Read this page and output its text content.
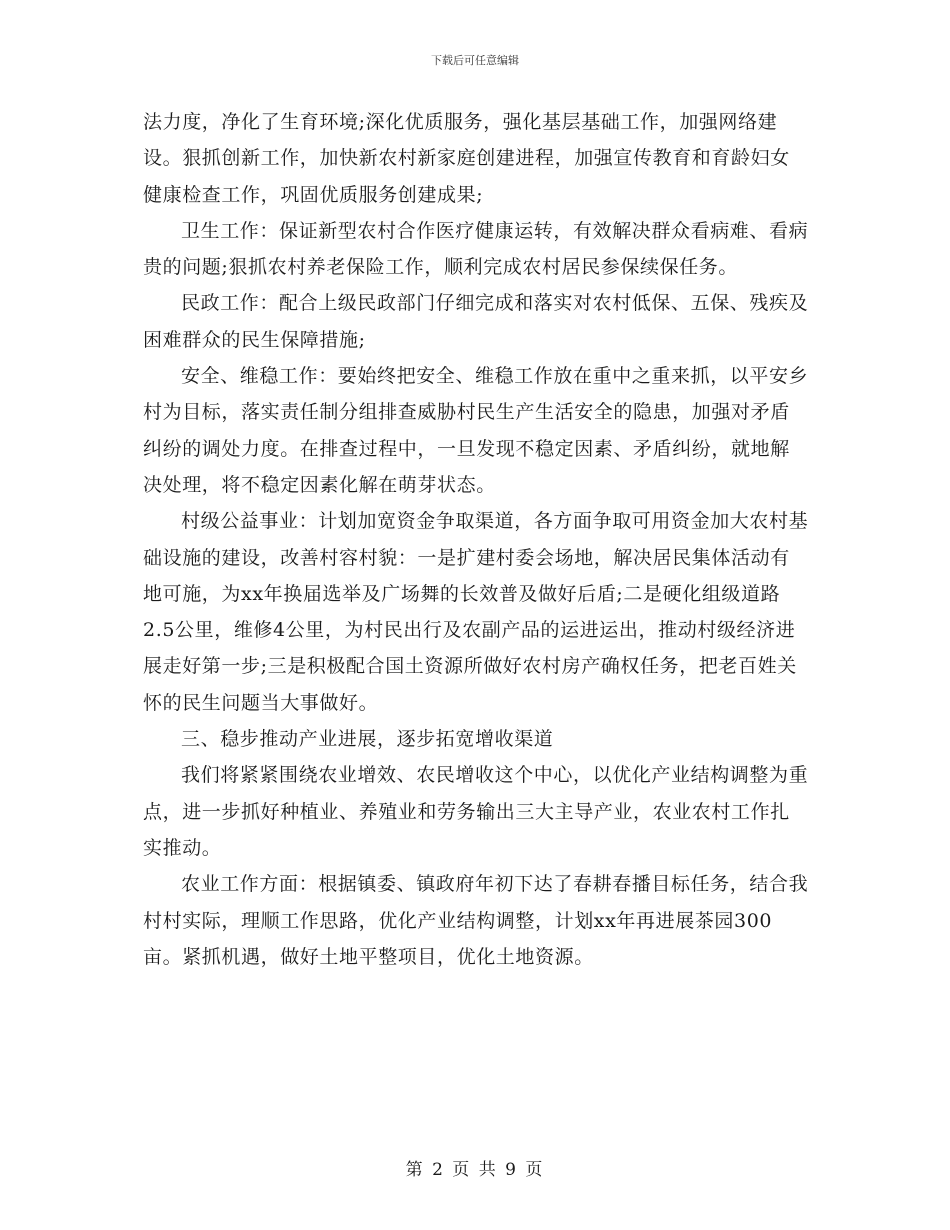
下载后可任意编辑

法力度，净化了生育环境;深化优质服务，强化基层基础工作，加强网络建设。狠抓创新工作，加快新农村新家庭创建进程，加强宣传教育和育龄妇女健康检查工作，巩固优质服务创建成果;

卫生工作：保证新型农村合作医疗健康运转，有效解决群众看病难、看病贵的问题;狠抓农村养老保险工作，顺利完成农村居民参保续保任务。

民政工作：配合上级民政部门仔细完成和落实对农村低保、五保、残疾及困难群众的民生保障措施;

安全、维稳工作：要始终把安全、维稳工作放在重中之重来抓，以平安乡村为目标，落实责任制分组排查威胁村民生产生活安全的隐患，加强对矛盾纠纷的调处力度。在排查过程中，一旦发现不稳定因素、矛盾纠纷，就地解决处理，将不稳定因素化解在萌芽状态。

村级公益事业：计划加宽资金争取渠道，各方面争取可用资金加大农村基础设施的建设，改善村容村貌：一是扩建村委会场地，解决居民集体活动有地可施，为xx年换届选举及广场舞的长效普及做好后盾;二是硬化组级道路2.5公里，维修4公里，为村民出行及农副产品的运进运出，推动村级经济进展走好第一步;三是积极配合国土资源所做好农村房产确权任务，把老百姓关怀的民生问题当大事做好。

三、稳步推动产业进展，逐步拓宽增收渠道

我们将紧紧围绕农业增效、农民增收这个中心，以优化产业结构调整为重点，进一步抓好种植业、养殖业和劳务输出三大主导产业，农业农村工作扎实推动。

农业工作方面：根据镇委、镇政府年初下达了春耕春播目标任务，结合我村村实际，理顺工作思路，优化产业结构调整，计划xx年再进展茶园300亩。紧抓机遇，做好土地平整项目，优化土地资源。

第 2 页 共 9 页
